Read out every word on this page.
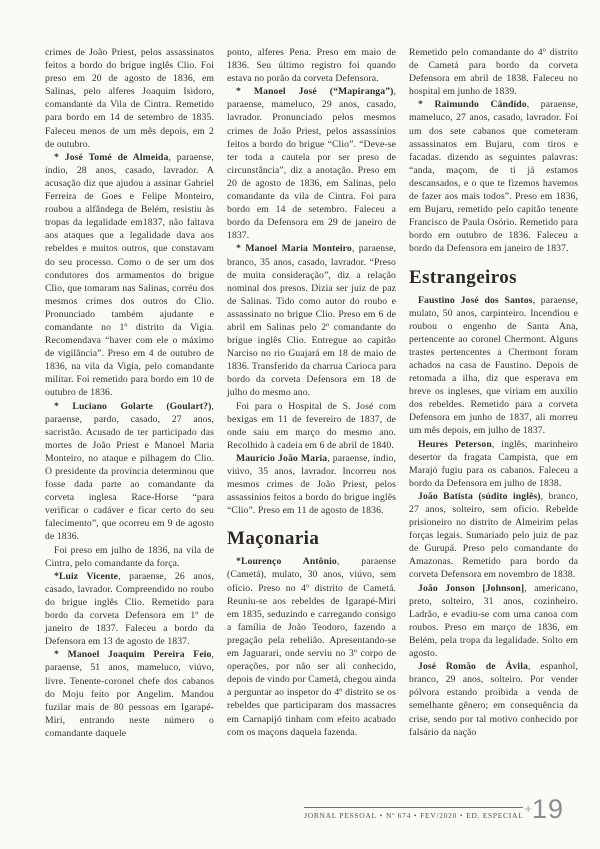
crimes de João Priest, pelos assassinatos feitos a bordo do brigue inglês Clio. Foi preso em 20 de agosto de 1836, em Salinas, pelo alferes Joaquim Isidoro, comandante da Vila de Cintra. Remetido para bordo em 14 de setembro de 1835. Faleceu menos de um mês depois, em 2 de outubro.

* José Tomé de Almeida, paraense, índio, 28 anos, casado, lavrador. A acusação diz que ajudou a assinar Gabriel Ferreira de Goes e Felipe Monteiro, roubou a alfândega de Belém, resistiu às tropas da legalidade em1837, não faltava aos ataques que a legalidade dava aos rebeldes e muitos outros, que constavam do seu processo. Como o de ser um dos condutores dos armamentos do brigue Clio, que tomaram nas Salinas, corréu dos mesmos crimes dos outros do Clio. Pronunciado também ajudante e comandante no 1º distrito da Vigia. Recomendava “haver com ele o máximo de vigilância”. Preso em 4 de outubro de 1836, na vila da Vigia, pelo comandante militar. Foi remetido para bordo em 10 de outubro de 1836.

* Luciano Golarte (Goulart?), paraense, pardo, casado, 27 anos, sacristão. Acusado de ter participado das mortes de João Priest e Manoel Maria Monteiro, no ataque e pilhagem do Clio. O presidente da província determinou que fosse dada parte ao comandante da corveta inglesa Race-Horse “para verificar o cadáver e ficar certo do seu falecimento”, que ocorreu em 9 de agosto de 1836.

Foi preso em julho de 1836, na vila de Cintra, pelo comandante da força.

*Luiz Vicente, paraense, 26 anos, casado, lavrador. Compreendido no roubo do brigue inglês Clio. Remetido para bordo da corveta Defensora em 1º de janeiro de 1837. Faleceu a bordo da Defensora em 13 de agosto de 1837.

* Manoel Joaquim Pereira Feio, paraense, 51 anos, mameluco, viúvo, livre. Tenente-coronel chefe dos cabanos do Moju feito por Angelim. Mandou fuzilar mais de 80 pessoas em Igarapé-Miri, entrando neste número o comandante daquele

ponto, alferes Pena. Preso em maio de 1836. Seu último registro foi quando estava no porão da corveta Defensora.

* Manoel José (“Mapiranga”), paraense, mameluco, 29 anos, casado, lavrador. Pronunciado pelos mesmos crimes de João Priest, pelos assassínios feitos a bordo do brigue “Clio”. “Deve-se ter toda a cautela por ser preso de circunstância”, diz a anotação. Preso em 20 de agosto de 1836, em Salinas, pelo comandante da vila de Cintra. Foi para bordo em 14 de setembro. Faleceu a bordo da Defensora em 29 de janeiro de 1837.

* Manoel Maria Monteiro, paraense, branco, 35 anos, casado, lavrador. “Preso de muita consideração”, diz a relação nominal dos presos. Dizia ser juiz de paz de Salinas. Tido como autor do roubo e assassinato no brigue Clio. Preso em 6 de abril em Salinas pelo 2º comandante do brigue inglês Clio. Entregue ao capitão Narciso no rio Guajará em 18 de maio de 1836. Transferido da charrua Carioca para bordo da corveta Defensora em 18 de julho do mesmo ano.

Foi para o Hospital de S. José com bexigas em 11 de fevereiro de 1837, de onde saiu em março do mesmo ano. Recolhido à cadeia em 6 de abril de 1840.

Maurício João Maria, paraense, índio, viúvo, 35 anos, lavrador. Incorreu nos mesmos crimes de João Priest, pelos assassínios feitos a bordo do brigue inglês “Clio”. Preso em 11 de agosto de 1836.

Maçonaria

*Lourenço Antônio, paraense (Cametá), mulato, 30 anos, viúvo, sem ofício. Preso no 4º distrito de Cametá. Reuniu-se aos rebeldes de Igarapé-Miri em 1835, seduzindo e carregando consigo a família de João Teodoro, fazendo a pregação pela rebelião. Apresentando-se em Jaguarari, onde serviu no 3º corpo de operações, por não ser ali conhecido, depois de vindo por Cametá, chegou ainda a perguntar ao inspetor do 4º distrito se os rebeldes que participaram dos massacres em Carnapijó tinham com efeito acabado com os maçons daquela fazenda.

Remetido pelo comandante do 4º distrito de Cametá para bordo da corveta Defensora em abril de 1838. Faleceu no hospital em junho de 1839.

* Raimundo Cândido, paraense, mameluco, 27 anos, casado, lavrador. Foi um dos sete cabanos que cometeram assassinatos em Bujaru, com tiros e facadas. dizendo as seguintes palavras: “anda, maçom, de ti já estamos descansados, e o que te fizemos havemos de fazer aos mais todos”. Preso em 1836, em Bujaru, remetido pelo capitão tenente Francisco de Paula Osório. Remetido para bordo em outubro de 1836. Faleceu a bordo da Defensora em janeiro de 1837.

Estrangeiros

Faustino José dos Santos, paraense, mulato, 50 anos, carpinteiro. Incendiou e roubou o engenho de Santa Ana, pertencente ao coronel Chermont. Alguns trastes pertencentes a Chermont foram achados na casa de Faustino. Depois de retomada a ilha, diz que esperava em breve os ingleses, que viriam em auxílio dos rebeldes. Remetido para a corveta Defensora em junho de 1837, ali morreu um mês depois, em julho de 1837.

Heures Peterson, inglês, marinheiro desertor da fragata Campista, que em Marajó fugiu para os cabanos. Faleceu a bordo da Defensora em julho de 1838.

João Batista (súdito inglês), branco, 27 anos, solteiro, sem ofício. Rebelde prisioneiro no distrito de Almeirim pelas forças legais. Sumariado pelo juiz de paz de Gurupá. Preso pelo comandante do Amazonas. Remetido para bordo da corveta Defensora em novembro de 1838.

João Jonson [Johnson], americano, preto, solteiro, 31 anos, cozinheiro. Ladrão, e evadiu-se com uma canoa com roubos. Preso em março de 1836, em Belém, pela tropa da legalidade. Solto em agosto.

José Romão de Ávila, espanhol, branco, 29 anos, solteiro. Por vender pólvora estando proibida a venda de semelhante gênero; em consequência da crise, sendo por tal motivo conhecido por falsário da nação

JORNAL PESSOAL • Nº 674 • FEV/2020 • ED. ESPECIAL + 19
